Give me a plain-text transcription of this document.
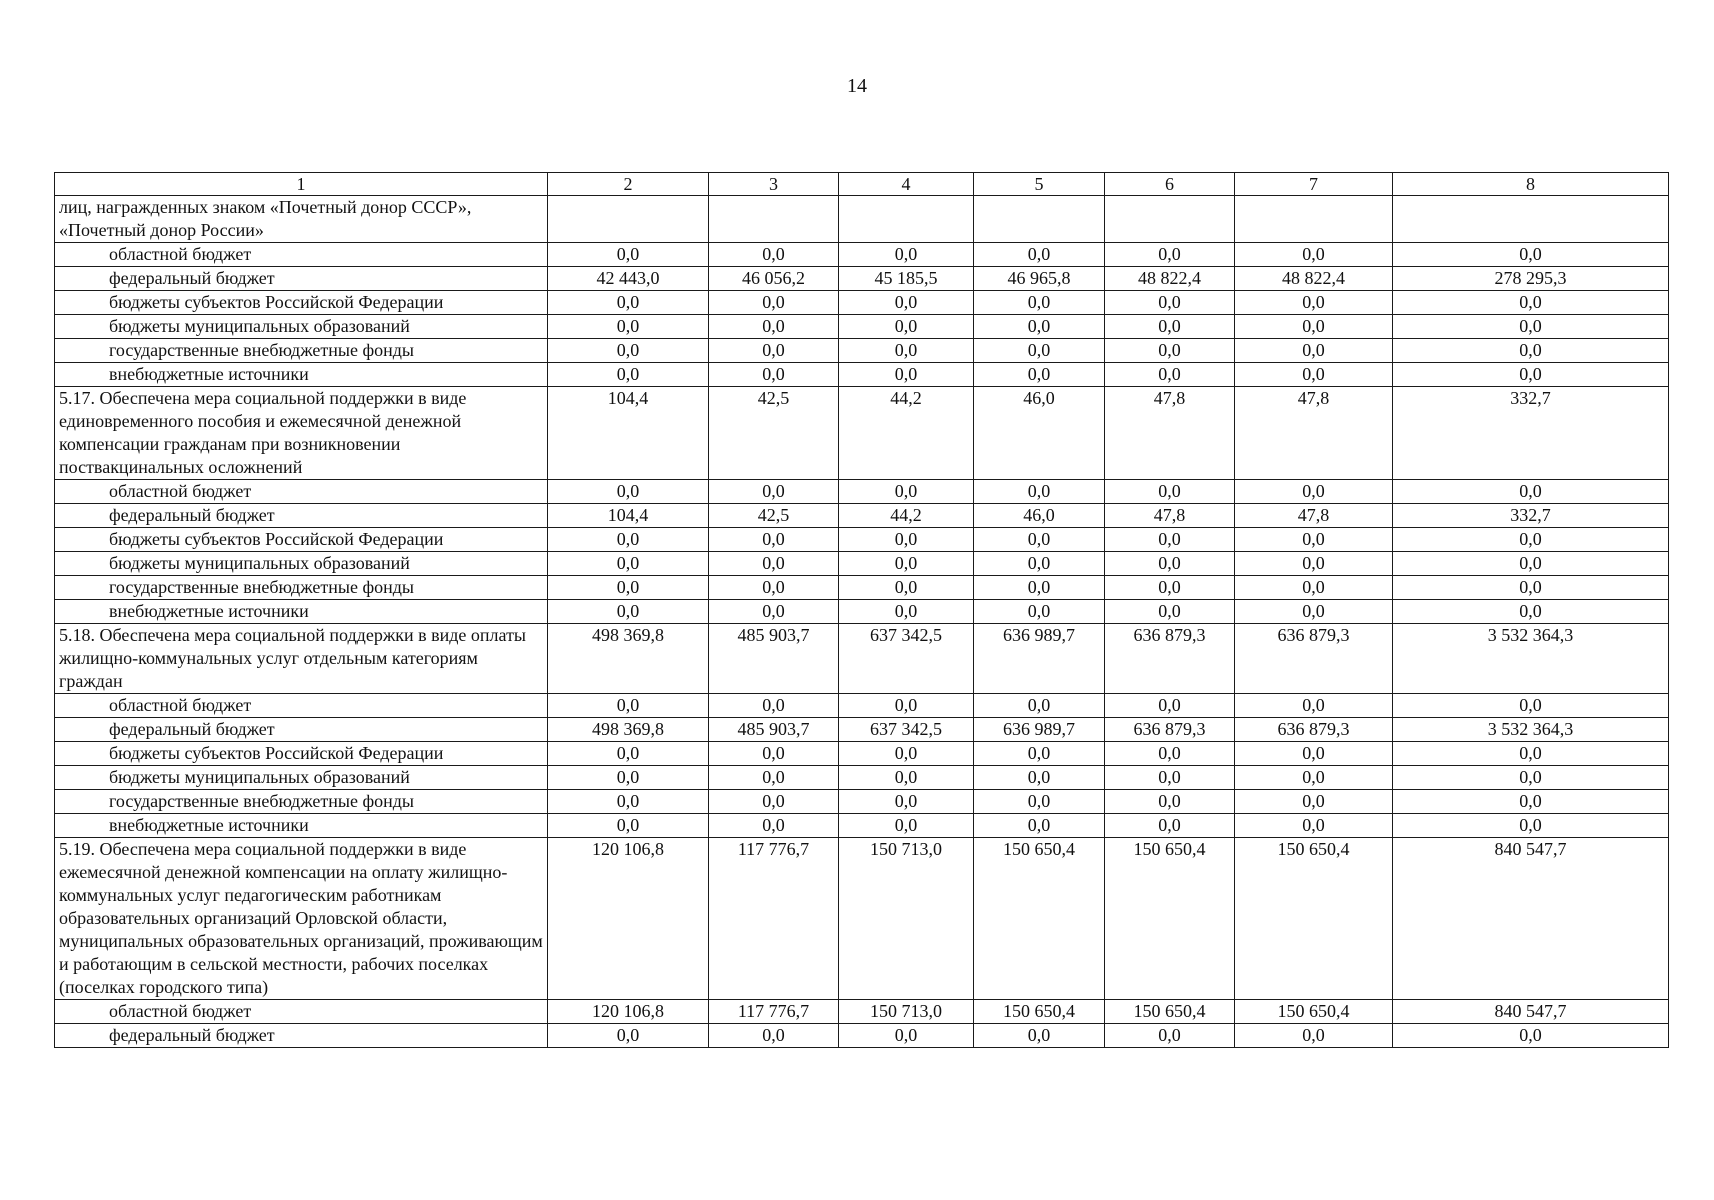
14
1	2	3	4	5	6	7	8
лиц, награжденных знаком «Почетный донор СССР», «Почетный донор России»							
областной бюджет	0,0	0,0	0,0	0,0	0,0	0,0	0,0
федеральный бюджет	42 443,0	46 056,2	45 185,5	46 965,8	48 822,4	48 822,4	278 295,3
бюджеты субъектов Российской Федерации	0,0	0,0	0,0	0,0	0,0	0,0	0,0
бюджеты муниципальных образований	0,0	0,0	0,0	0,0	0,0	0,0	0,0
государственные внебюджетные фонды	0,0	0,0	0,0	0,0	0,0	0,0	0,0
внебюджетные источники	0,0	0,0	0,0	0,0	0,0	0,0	0,0
5.17. Обеспечена мера социальной поддержки в виде единовременного пособия и ежемесячной денежной компенсации гражданам при возникновении поствакцинальных осложнений	104,4	42,5	44,2	46,0	47,8	47,8	332,7
областной бюджет	0,0	0,0	0,0	0,0	0,0	0,0	0,0
федеральный бюджет	104,4	42,5	44,2	46,0	47,8	47,8	332,7
бюджеты субъектов Российской Федерации	0,0	0,0	0,0	0,0	0,0	0,0	0,0
бюджеты муниципальных образований	0,0	0,0	0,0	0,0	0,0	0,0	0,0
государственные внебюджетные фонды	0,0	0,0	0,0	0,0	0,0	0,0	0,0
внебюджетные источники	0,0	0,0	0,0	0,0	0,0	0,0	0,0
5.18. Обеспечена мера социальной поддержки в виде оплаты жилищно-коммунальных услуг отдельным категориям граждан	498 369,8	485 903,7	637 342,5	636 989,7	636 879,3	636 879,3	3 532 364,3
областной бюджет	0,0	0,0	0,0	0,0	0,0	0,0	0,0
федеральный бюджет	498 369,8	485 903,7	637 342,5	636 989,7	636 879,3	636 879,3	3 532 364,3
бюджеты субъектов Российской Федерации	0,0	0,0	0,0	0,0	0,0	0,0	0,0
бюджеты муниципальных образований	0,0	0,0	0,0	0,0	0,0	0,0	0,0
государственные внебюджетные фонды	0,0	0,0	0,0	0,0	0,0	0,0	0,0
внебюджетные источники	0,0	0,0	0,0	0,0	0,0	0,0	0,0
5.19. Обеспечена мера социальной поддержки в виде ежемесячной денежной компенсации на оплату жилищно-коммунальных услуг педагогическим работникам образовательных организаций Орловской области, муниципальных образовательных организаций, проживающим и работающим в сельской местности, рабочих поселках (поселках городского типа)	120 106,8	117 776,7	150 713,0	150 650,4	150 650,4	150 650,4	840 547,7
областной бюджет	120 106,8	117 776,7	150 713,0	150 650,4	150 650,4	150 650,4	840 547,7
федеральный бюджет	0,0	0,0	0,0	0,0	0,0	0,0	0,0
